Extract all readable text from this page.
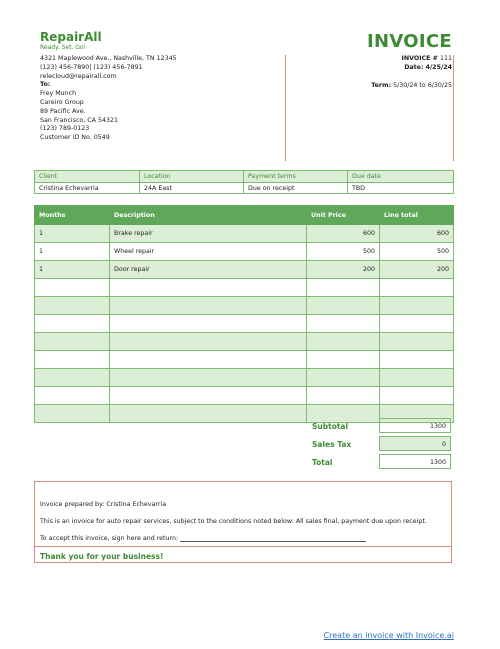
RepairAll
Ready. Set. Go!	INVOICE
4321 Maplewood Ave., Nashville, TN 12345
(123) 456-7890| (123) 456-7891
relecloud@repairall.com
To:
Frey Munch
Careiro Group
89 Pacific Ave.
San Francisco, CA 54321
(123) 789-0123
Customer ID No. 0549
INVOICE # 111
Date: 4/25/24
Term: 5/30/24 to 6/30/25
Client	Location	Payment terms	Due date
Cristina Echevarria	24A East	Due on receipt	TBD
Months	Description	Unit Price	Line total
1	Brake repair	600	600
1	Wheel repair	500	500
1	Door repair	200	200

Subtotal	1300
Sales Tax	0
Total	1300
Invoice prepared by: Cristina Echevarria
This is an invoice for auto repair services, subject to the conditions noted below: All sales final, payment due upon receipt.
To accept this invoice, sign here and return:
Thank you for your business!
Create an invoice with Invoice.ai
